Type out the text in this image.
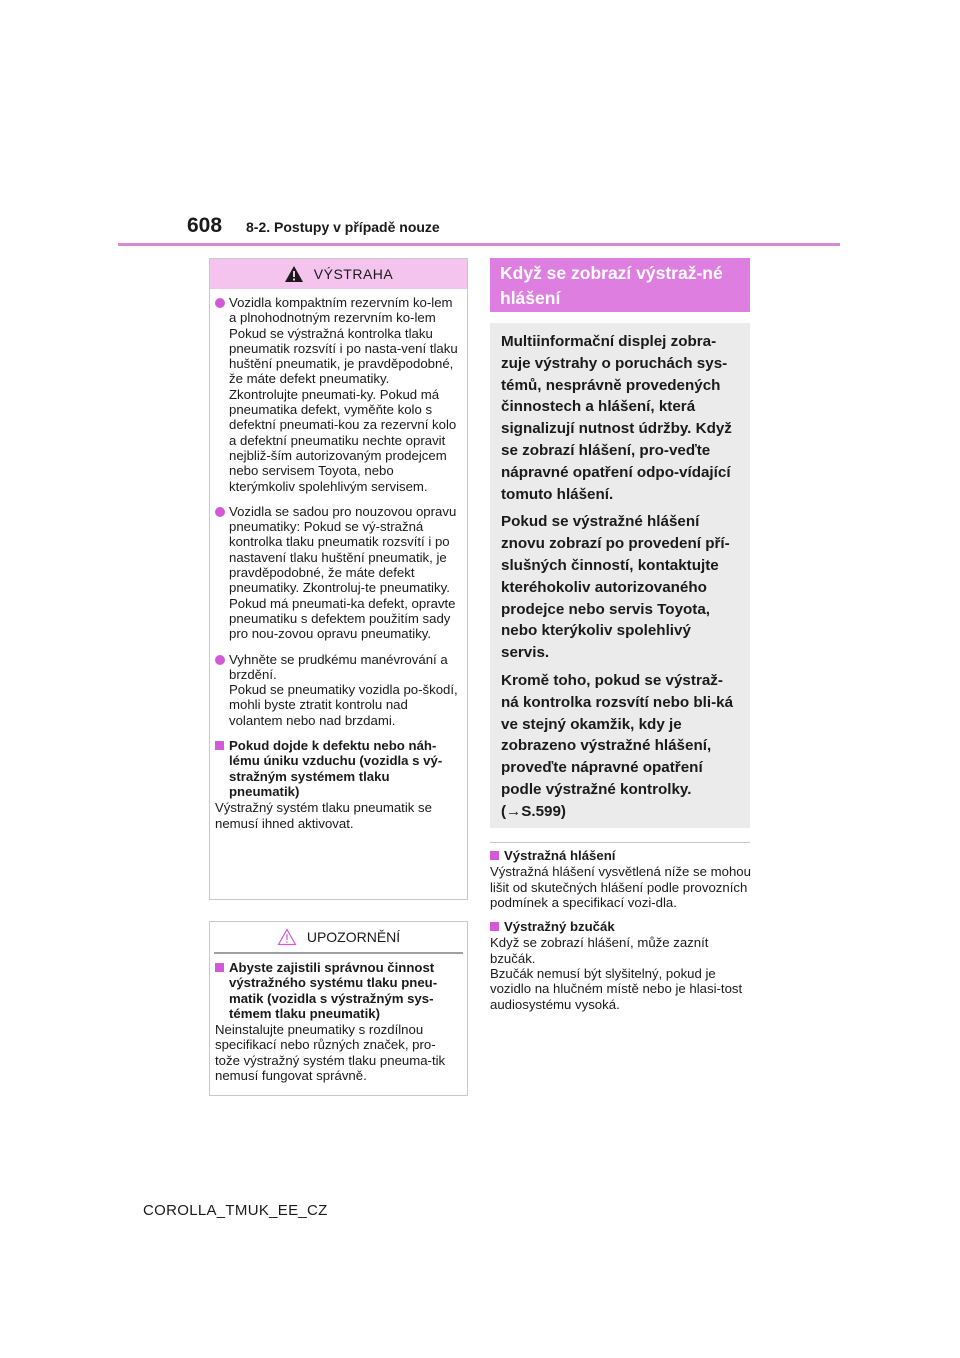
608 8-2. Postupy v případě nouze
VÝSTRAHA
Vozidla kompaktním rezervním ko-lem a plnohodnotným rezervním ko-lem Pokud se výstražná kontrolka tlaku pneumatik rozsvítí i po nasta-vení tlaku huštění pneumatik, je pravděpodobné, že máte defekt pneumatiky. Zkontrolujte pneumati-ky. Pokud má pneumatika defekt, vyměňte kolo s defektní pneumati-kou za rezervní kolo a defektní pneumatiku nechte opravit nejbliž-ším autorizovaným prodejcem nebo servisem Toyota, nebo kterýmkoliv spolehlivým servisem.
Vozidla se sadou pro nouzovou opravu pneumatiky: Pokud se vý-stražná kontrolka tlaku pneumatik rozsvítí i po nastavení tlaku huštění pneumatik, je pravděpodobné, že máte defekt pneumatiky. Zkontroluj-te pneumatiky. Pokud má pneumati-ka defekt, opravte pneumatiku s defektem použitím sady pro nou-zovou opravu pneumatiky.
Vyhněte se prudkému manévrování a brzdění.
Pokud se pneumatiky vozidla po-škodí, mohli byste ztratit kontrolu nad volantem nebo nad brzdami.
Pokud dojde k defektu nebo náh-lému úniku vzduchu (vozidla s vý-stražným systémem tlaku pneumatik)
Výstražný systém tlaku pneumatik se nemusí ihned aktivovat.
UPOZORNĚNÍ
Abyste zajistili správnou činnost výstražného systému tlaku pneu-matik (vozidla s výstražným sys-témem tlaku pneumatik)
Neinstalujte pneumatiky s rozdílnou specifikací nebo různých značek, pro-tože výstražný systém tlaku pneuma-tik nemusí fungovat správně.
Když se zobrazí výstraž-né hlášení

Multiinformační displej zobra-zuje výstrahy o poruchách sys-témů, nesprávně provedených činnostech a hlášení, která signalizují nutnost údržby. Když se zobrazí hlášení, pro-veďte nápravné opatření odpo-vídající tomuto hlášení.

Pokud se výstražné hlášení znovu zobrazí po provedení pří-slušných činností, kontaktujte kteréhokoliv autorizovaného prodejce nebo servis Toyota, nebo kterýkoliv spolehlivý servis.

Kromě toho, pokud se výstraž-ná kontrolka rozsvítí nebo bli-ká ve stejný okamžik, kdy je zobrazeno výstražné hlášení, proveďte nápravné opatření podle výstražné kontrolky. (→S.599)

Výstražná hlášení
Výstražná hlášení vysvětlená níže se mohou lišit od skutečných hlášení podle provozních podmínek a specifikací vozi-dla.
Výstražný bzučák
Když se zobrazí hlášení, může zaznít bzučák.
Bzučák nemusí být slyšitelný, pokud je vozidlo na hlučném místě nebo je hlasi-tost audiosystému vysoká.
COROLLA_TMUK_EE_CZ
